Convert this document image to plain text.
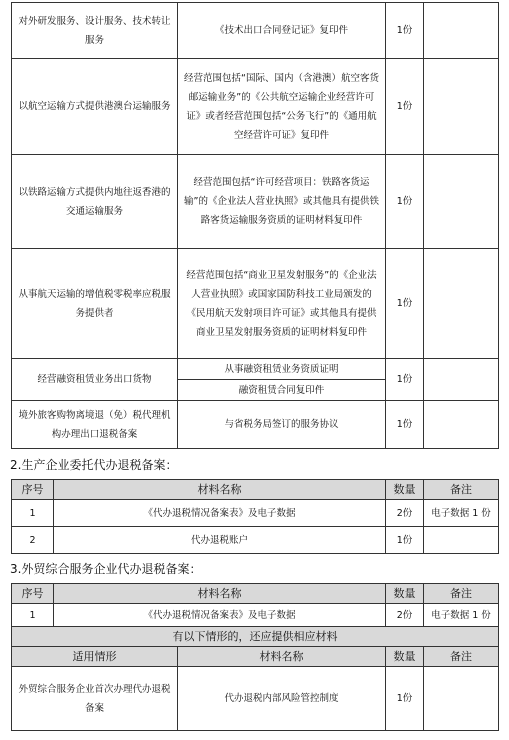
对外研发服务、设计服务、技术转让服务	《技术出口合同登记证》复印件	1份	
以航空运输方式提供港澳台运输服务	经营范围包括“国际、国内（含港澳）航空客货邮运输业务”的《公共航空运输企业经营许可证》或者经营范围包括“公务飞行”的《通用航空经营许可证》复印件	1份	
以铁路运输方式提供内地往返香港的交通运输服务	经营范围包括“许可经营项目：铁路客货运输”的《企业法人营业执照》或其他具有提供铁路客货运输服务资质的证明材料复印件	1份	
从事航天运输的增值税零税率应税服务提供者	经营范围包括“商业卫星发射服务”的《企业法人营业执照》或国家国防科技工业局颁发的《民用航天发射项目许可证》或其他具有提供商业卫星发射服务资质的证明材料复印件	1份	
经营融资租赁业务出口货物	从事融资租赁业务资质证明	1份	
	融资租赁合同复印件		
境外旅客购物离境退（免）税代理机构办理出口退税备案	与省税务局签订的服务协议	1份	
2.生产企业委托代办退税备案：
序号	材料名称	数量	备注
1	《代办退税情况备案表》及电子数据	2份	电子数据 1 份
2	代办退税账户	1份	
3.外贸综合服务企业代办退税备案：
序号	材料名称		数量	备注
1	《代办退税情况备案表》及电子数据		2份	电子数据 1 份
有以下情形的，还应提供相应材料				
适用情形		材料名称	数量	备注
外贸综合服务企业首次办理代办退税备案		代办退税内部风险管控制度	1份	
